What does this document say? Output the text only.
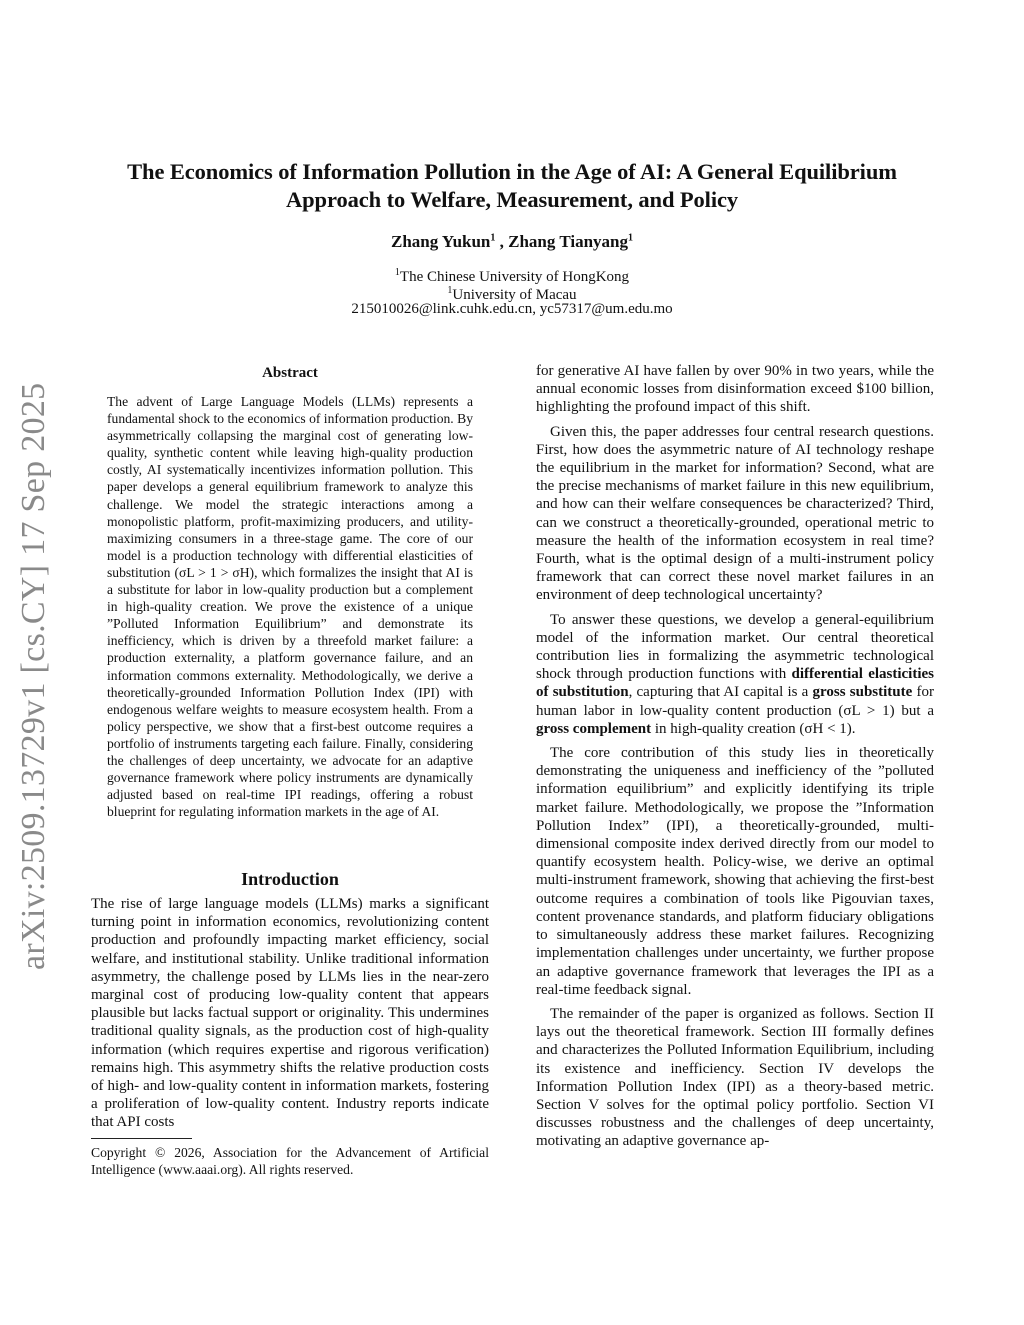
arXiv:2509.13729v1 [cs.CY] 17 Sep 2025
The Economics of Information Pollution in the Age of AI: A General Equilibrium
Approach to Welfare, Measurement, and Policy
Zhang Yukun$^1$ , Zhang Tianyang$^1$
$^1$The Chinese University of HongKong
$^1$University of Macau
215010026@link.cuhk.edu.cn, yc57317@um.edu.mo
Abstract
The advent of Large Language Models (LLMs) represents a fundamental shock to the economics of information production. By asymmetrically collapsing the marginal cost of generating low-quality, synthetic content while leaving high-quality production costly, AI systematically incentivizes information pollution. This paper develops a general equilibrium framework to analyze this challenge. We model the strategic interactions among a monopolistic platform, profit-maximizing producers, and utility-maximizing consumers in a three-stage game. The core of our model is a production technology with differential elasticities of substitution (σL > 1 > σH), which formalizes the insight that AI is a substitute for labor in low-quality production but a complement in high-quality creation. We prove the existence of a unique ”Polluted Information Equilibrium” and demonstrate its inefficiency, which is driven by a threefold market failure: a production externality, a platform governance failure, and an information commons externality. Methodologically, we derive a theoretically-grounded Information Pollution Index (IPI) with endogenous welfare weights to measure ecosystem health. From a policy perspective, we show that a first-best outcome requires a portfolio of instruments targeting each failure. Finally, considering the challenges of deep uncertainty, we advocate for an adaptive governance framework where policy instruments are dynamically adjusted based on real-time IPI readings, offering a robust blueprint for regulating information markets in the age of AI.
Introduction

The rise of large language models (LLMs) marks a significant turning point in information economics, revolutionizing content production and profoundly impacting market efficiency, social welfare, and institutional stability. Unlike traditional information asymmetry, the challenge posed by LLMs lies in the near-zero marginal cost of producing low-quality content that appears plausible but lacks factual support or originality. This undermines traditional quality signals, as the production cost of high-quality information (which requires expertise and rigorous verification) remains high. This asymmetry shifts the relative production costs of high- and low-quality content in information markets, fostering a proliferation of low-quality content. Industry reports indicate that API costs

Copyright © 2026, Association for the Advancement of Artificial Intelligence (www.aaai.org). All rights reserved.

for generative AI have fallen by over 90% in two years, while the annual economic losses from disinformation exceed $100 billion, highlighting the profound impact of this shift.

Given this, the paper addresses four central research questions. First, how does the asymmetric nature of AI technology reshape the equilibrium in the market for information? Second, what are the precise mechanisms of market failure in this new equilibrium, and how can their welfare consequences be characterized? Third, can we construct a theoretically-grounded, operational metric to measure the health of the information ecosystem in real time? Fourth, what is the optimal design of a multi-instrument policy framework that can correct these novel market failures in an environment of deep technological uncertainty?

To answer these questions, we develop a general-equilibrium model of the information market. Our central theoretical contribution lies in formalizing the asymmetric technological shock through production functions with differential elasticities of substitution, capturing that AI capital is a gross substitute for human labor in low-quality content production (σL > 1) but a gross complement in high-quality creation (σH < 1).

The core contribution of this study lies in theoretically demonstrating the uniqueness and inefficiency of the ”polluted information equilibrium” and explicitly identifying its triple market failure. Methodologically, we propose the ”Information Pollution Index” (IPI), a theoretically-grounded, multi-dimensional composite index derived directly from our model to quantify ecosystem health. Policy-wise, we derive an optimal multi-instrument framework, showing that achieving the first-best outcome requires a combination of tools like Pigouvian taxes, content provenance standards, and platform fiduciary obligations to simultaneously address these market failures. Recognizing implementation challenges under uncertainty, we further propose an adaptive governance framework that leverages the IPI as a real-time feedback signal.

The remainder of the paper is organized as follows. Section II lays out the theoretical framework. Section III formally defines and characterizes the Polluted Information Equilibrium, including its existence and inefficiency. Section IV develops the Information Pollution Index (IPI) as a theory-based metric. Section V solves for the optimal policy portfolio. Section VI discusses robustness and the challenges of deep uncertainty, motivating an adaptive governance ap-
